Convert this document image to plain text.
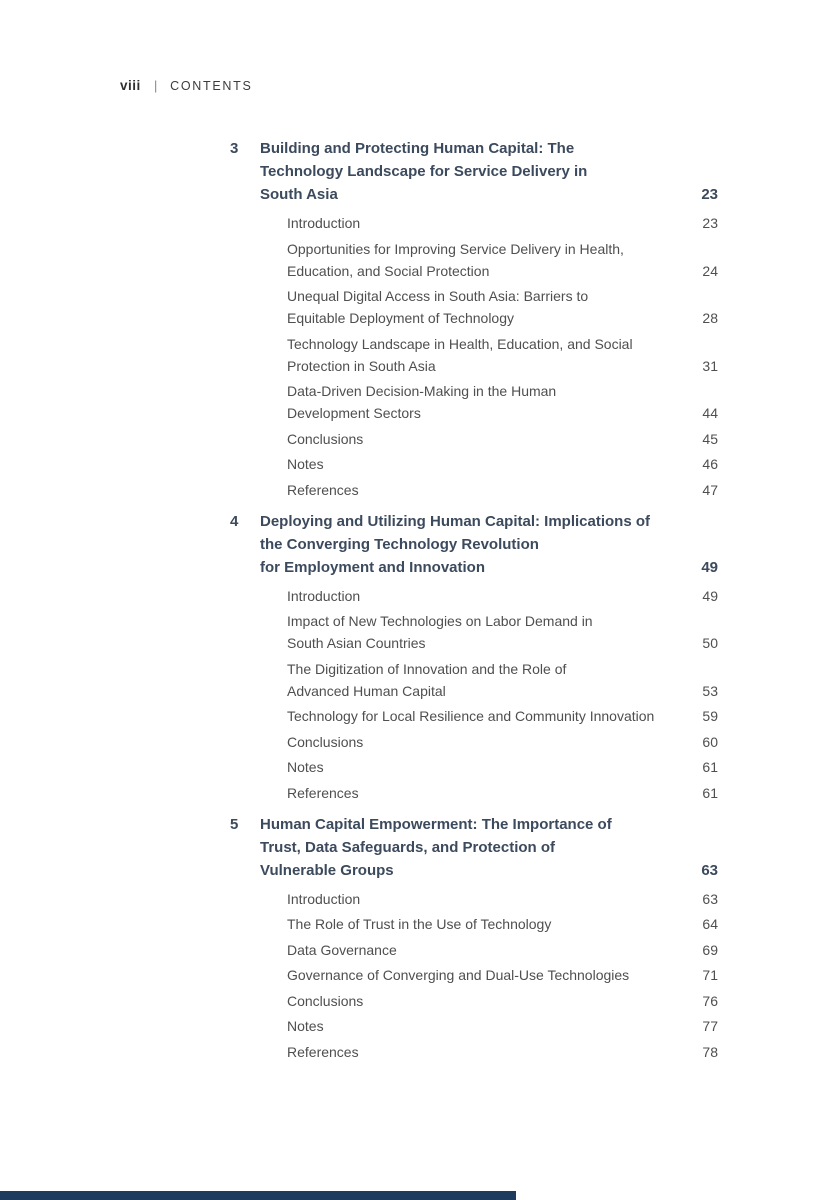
viii | CONTENTS
3	Building and Protecting Human Capital: The
Technology Landscape for Service Delivery in
South Asia	23
Introduction	23
Opportunities for Improving Service Delivery in Health,
Education, and Social Protection	24
Unequal Digital Access in South Asia: Barriers to
Equitable Deployment of Technology	28
Technology Landscape in Health, Education, and Social
Protection in South Asia	31
Data-Driven Decision-Making in the Human
Development Sectors	44
Conclusions	45
Notes	46
References	47
4	Deploying and Utilizing Human Capital: Implications of
the Converging Technology Revolution
for Employment and Innovation	49
Introduction	49
Impact of New Technologies on Labor Demand in
South Asian Countries	50
The Digitization of Innovation and the Role of
Advanced Human Capital	53
Technology for Local Resilience and Community Innovation	59
Conclusions	60
Notes	61
References	61
5	Human Capital Empowerment: The Importance of
Trust, Data Safeguards, and Protection of
Vulnerable Groups	63
Introduction	63
The Role of Trust in the Use of Technology	64
Data Governance	69
Governance of Converging and Dual-Use Technologies	71
Conclusions	76
Notes	77
References	78
